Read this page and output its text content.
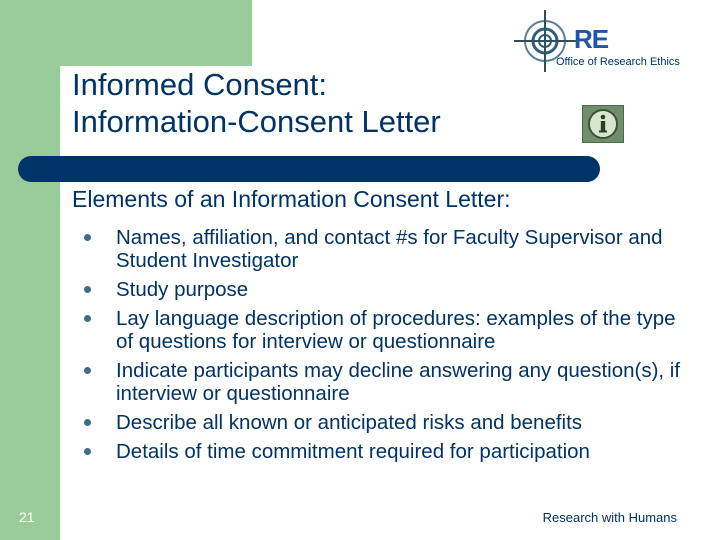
Informed Consent:
Information-Consent Letter
RE
Office of Research Ethics
Elements of an Information Consent Letter:
Names, affiliation, and contact #s for Faculty Supervisor and Student Investigator
Study purpose
Lay language description of procedures: examples of the type of questions for interview or questionnaire
Indicate participants may decline answering any question(s), if interview or questionnaire
Describe all known or anticipated risks and benefits
Details of time commitment required for participation
21	Research with Humans
